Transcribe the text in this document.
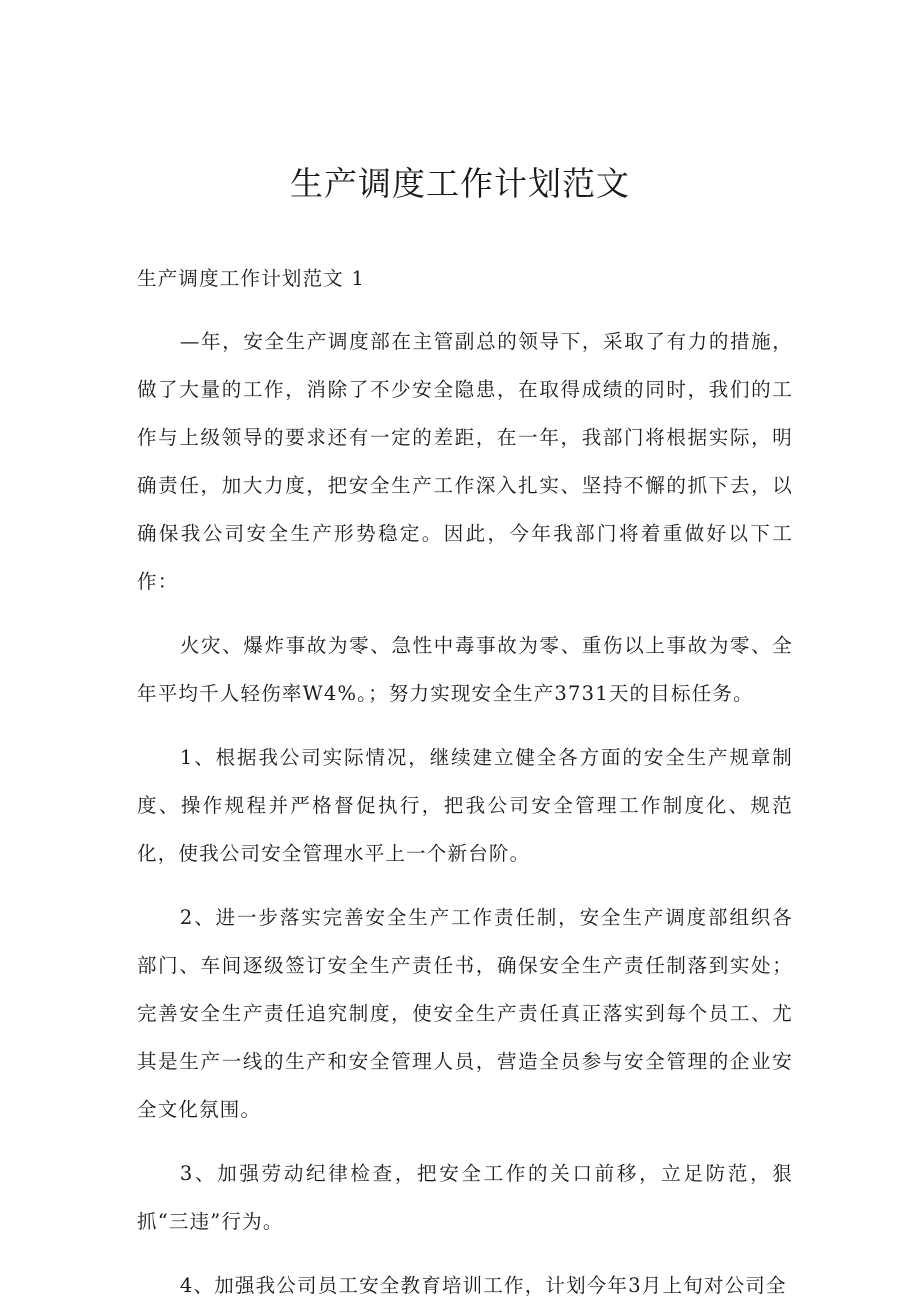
生产调度工作计划范文

生产调度工作计划范文 1

—年，安全生产调度部在主管副总的领导下，采取了有力的措施，做了大量的工作，消除了不少安全隐患，在取得成绩的同时，我们的工作与上级领导的要求还有一定的差距，在一年，我部门将根据实际，明确责任，加大力度，把安全生产工作深入扎实、坚持不懈的抓下去，以确保我公司安全生产形势稳定。因此，今年我部门将着重做好以下工作：

火灾、爆炸事故为零、急性中毒事故为零、重伤以上事故为零、全年平均千人轻伤率W4%。；努力实现安全生产3731天的目标任务。

1、根据我公司实际情况，继续建立健全各方面的安全生产规章制度、操作规程并严格督促执行，把我公司安全管理工作制度化、规范化，使我公司安全管理水平上一个新台阶。

2、进一步落实完善安全生产工作责任制，安全生产调度部组织各部门、车间逐级签订安全生产责任书，确保安全生产责任制落到实处；完善安全生产责任追究制度，使安全生产责任真正落实到每个员工、尤其是生产一线的生产和安全管理人员，营造全员参与安全管理的企业安全文化氛围。

3、加强劳动纪律检查，把安全工作的关口前移，立足防范，狠抓“三违”行为。

4、加强我公司员工安全教育培训工作，计划今年3月上旬对公司全
